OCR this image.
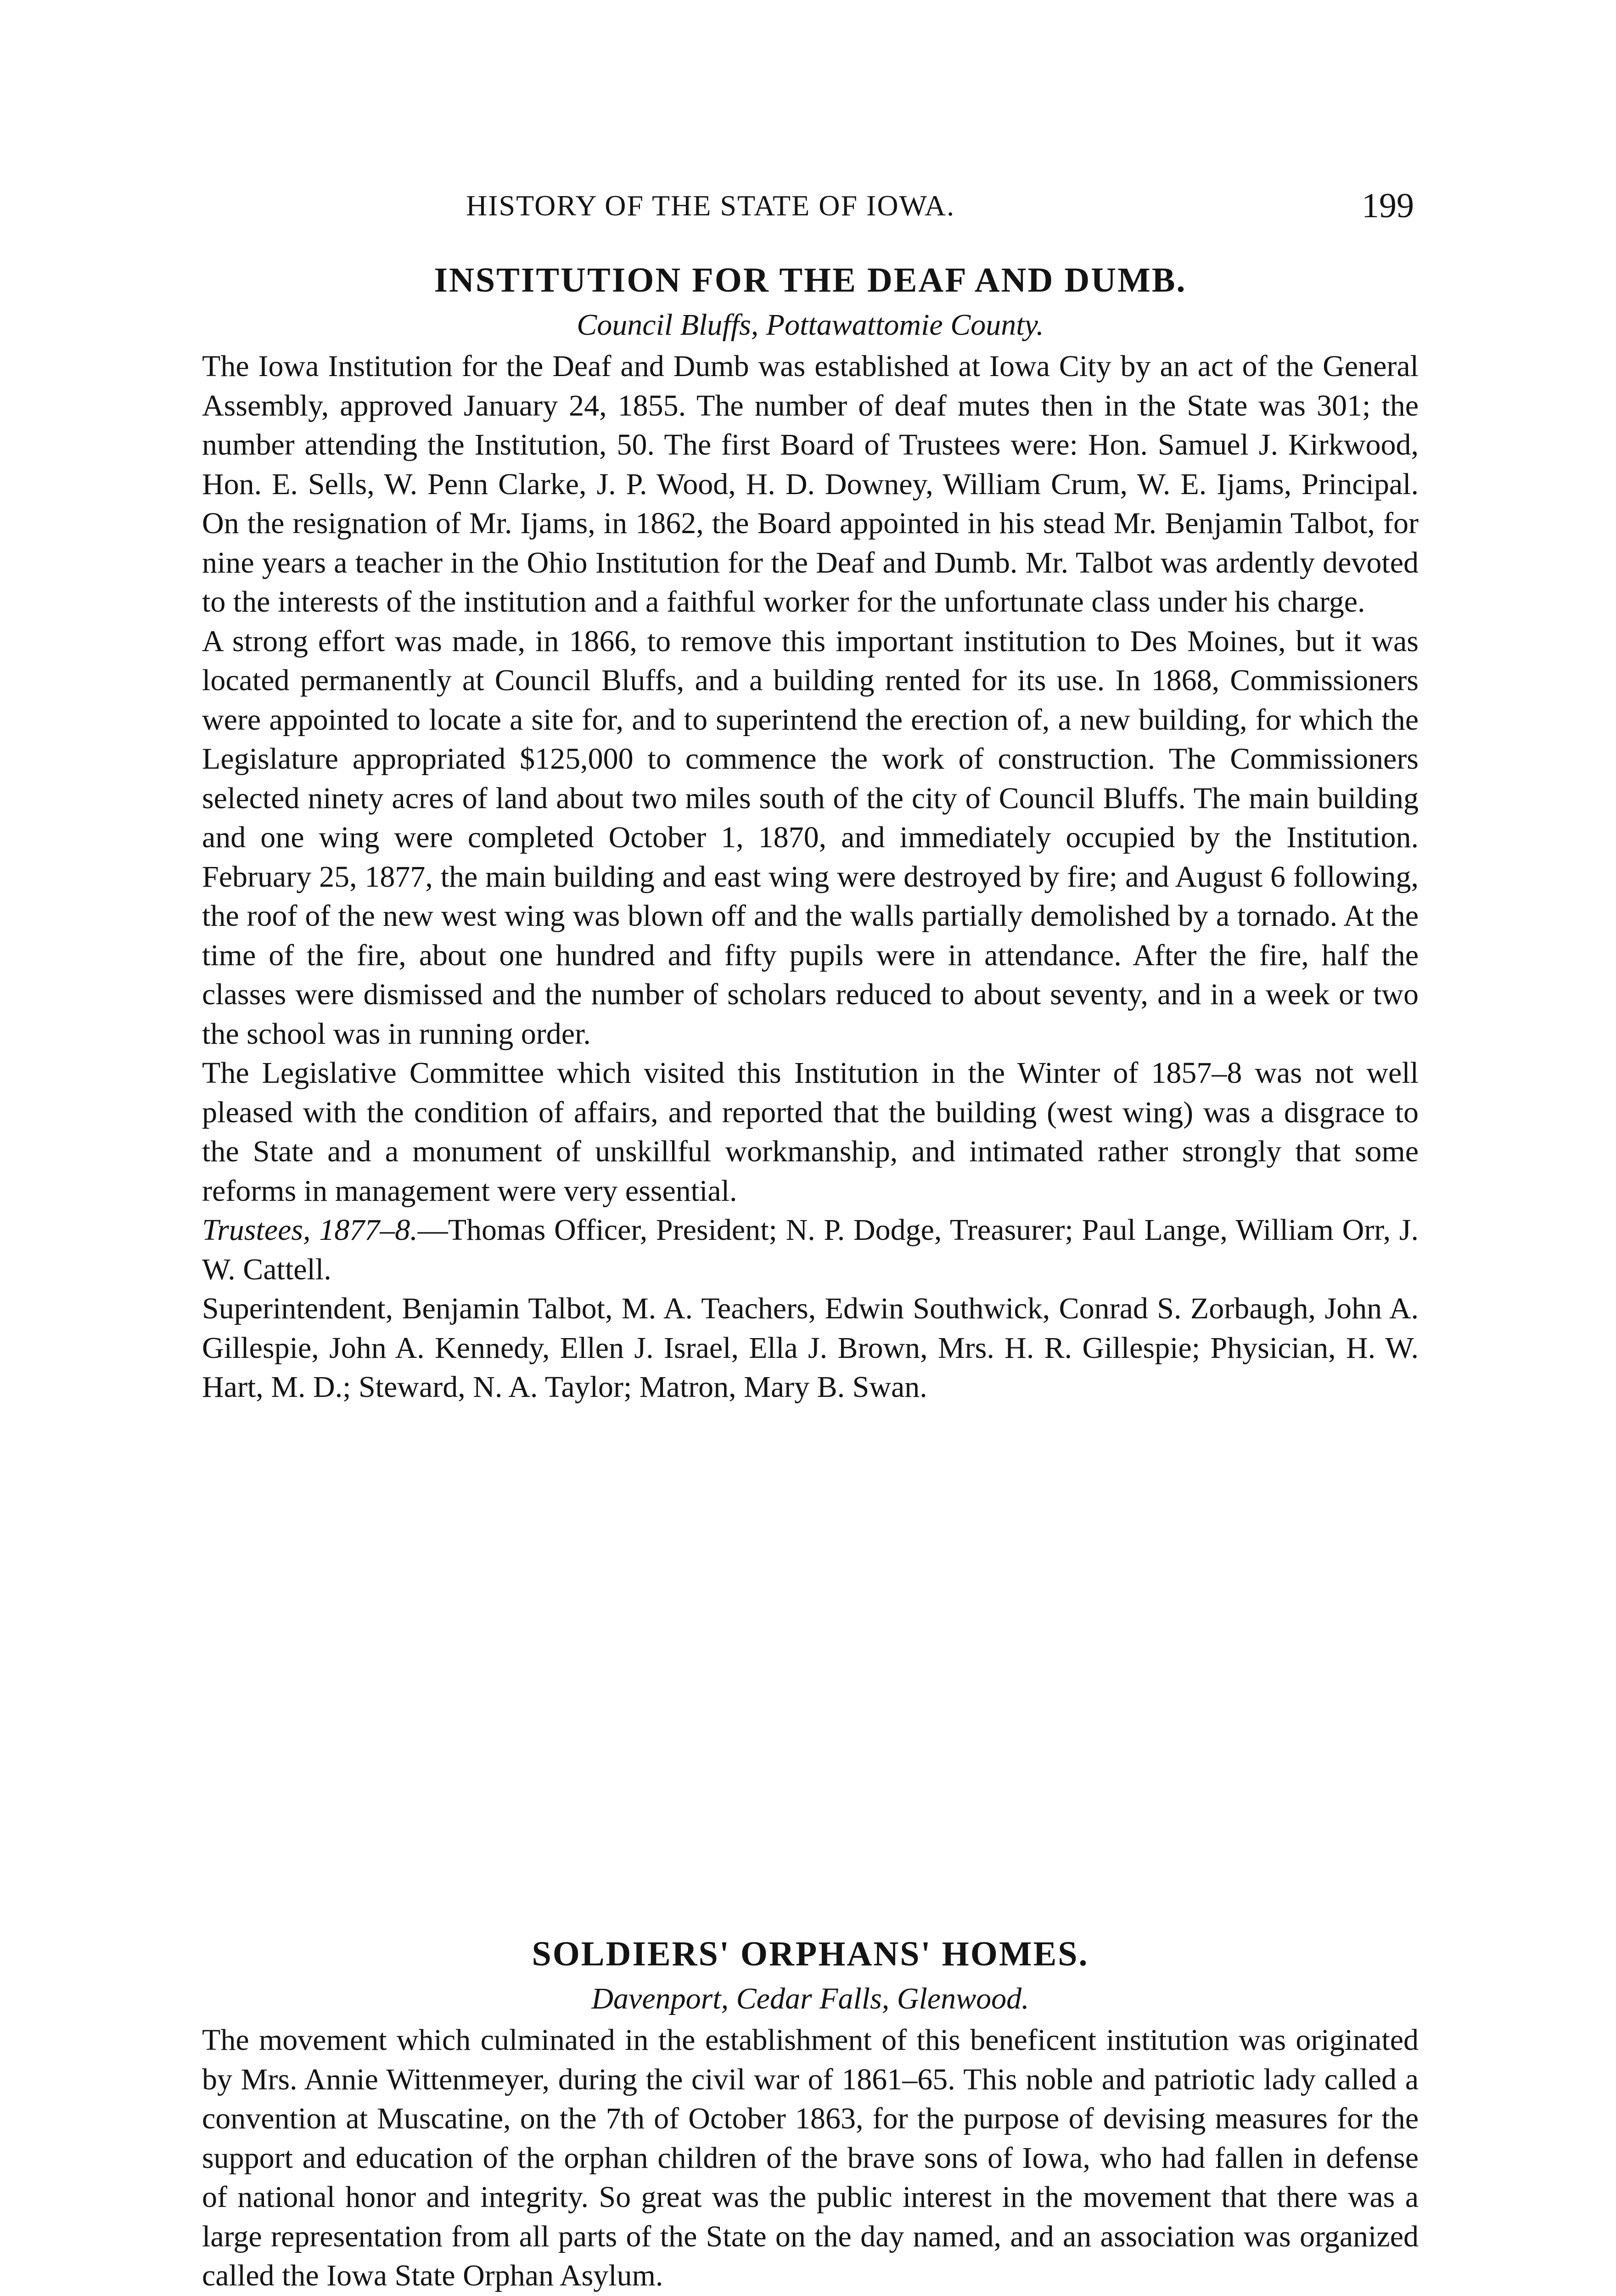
HISTORY OF THE STATE OF IOWA.	199
INSTITUTION FOR THE DEAF AND DUMB.

Council Bluffs, Pottawattomie County.

The Iowa Institution for the Deaf and Dumb was established at Iowa City by an act of the General Assembly, approved January 24, 1855. The number of deaf mutes then in the State was 301; the number attending the Institution, 50. The first Board of Trustees were: Hon. Samuel J. Kirkwood, Hon. E. Sells, W. Penn Clarke, J. P. Wood, H. D. Downey, William Crum, W. E. Ijams, Principal. On the resignation of Mr. Ijams, in 1862, the Board appointed in his stead Mr. Benjamin Talbot, for nine years a teacher in the Ohio Institution for the Deaf and Dumb. Mr. Talbot was ardently devoted to the interests of the institution and a faithful worker for the unfortunate class under his charge.

A strong effort was made, in 1866, to remove this important institution to Des Moines, but it was located permanently at Council Bluffs, and a building rented for its use. In 1868, Commissioners were appointed to locate a site for, and to superintend the erection of, a new building, for which the Legislature appropriated $125,000 to commence the work of construction. The Commissioners selected ninety acres of land about two miles south of the city of Council Bluffs. The main building and one wing were completed October 1, 1870, and immediately occupied by the Institution. February 25, 1877, the main building and east wing were destroyed by fire; and August 6 following, the roof of the new west wing was blown off and the walls partially demolished by a tornado. At the time of the fire, about one hundred and fifty pupils were in attendance. After the fire, half the classes were dismissed and the number of scholars reduced to about seventy, and in a week or two the school was in running order.

The Legislative Committee which visited this Institution in the Winter of 1857–8 was not well pleased with the condition of affairs, and reported that the building (west wing) was a disgrace to the State and a monument of unskillful workmanship, and intimated rather strongly that some reforms in management were very essential.

Trustees, 1877–8.—Thomas Officer, President; N. P. Dodge, Treasurer; Paul Lange, William Orr, J. W. Cattell.

Superintendent, Benjamin Talbot, M. A. Teachers, Edwin Southwick, Conrad S. Zorbaugh, John A. Gillespie, John A. Kennedy, Ellen J. Israel, Ella J. Brown, Mrs. H. R. Gillespie; Physician, H. W. Hart, M. D.; Steward, N. A. Taylor; Matron, Mary B. Swan.

SOLDIERS' ORPHANS' HOMES.

Davenport, Cedar Falls, Glenwood.

The movement which culminated in the establishment of this beneficent institution was originated by Mrs. Annie Wittenmeyer, during the civil war of 1861–65. This noble and patriotic lady called a convention at Muscatine, on the 7th of October 1863, for the purpose of devising measures for the support and education of the orphan children of the brave sons of Iowa, who had fallen in defense of national honor and integrity. So great was the public interest in the movement that there was a large representation from all parts of the State on the day named, and an association was organized called the Iowa State Orphan Asylum.
